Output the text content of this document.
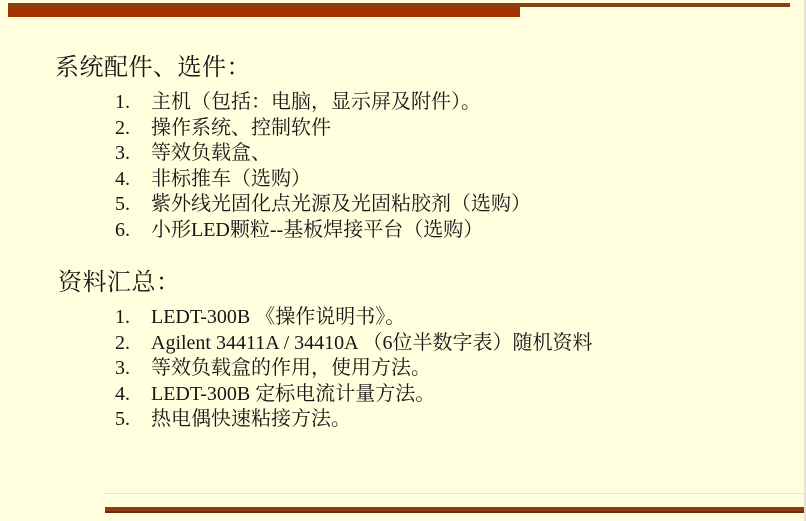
系统配件、选件：
1. 主机（包括：电脑，显示屏及附件）。
2. 操作系统、控制软件
3. 等效负载盒、
4. 非标推车（选购）
5. 紫外线光固化点光源及光固粘胶剂（选购）
6. 小形LED颗粒--基板焊接平台（选购）
资料汇总：
1. LEDT-300B 《操作说明书》。
2. Agilent 34411A / 34410A （6位半数字表）随机资料
3. 等效负载盒的作用，使用方法。
4. LEDT-300B 定标电流计量方法。
5. 热电偶快速粘接方法。
